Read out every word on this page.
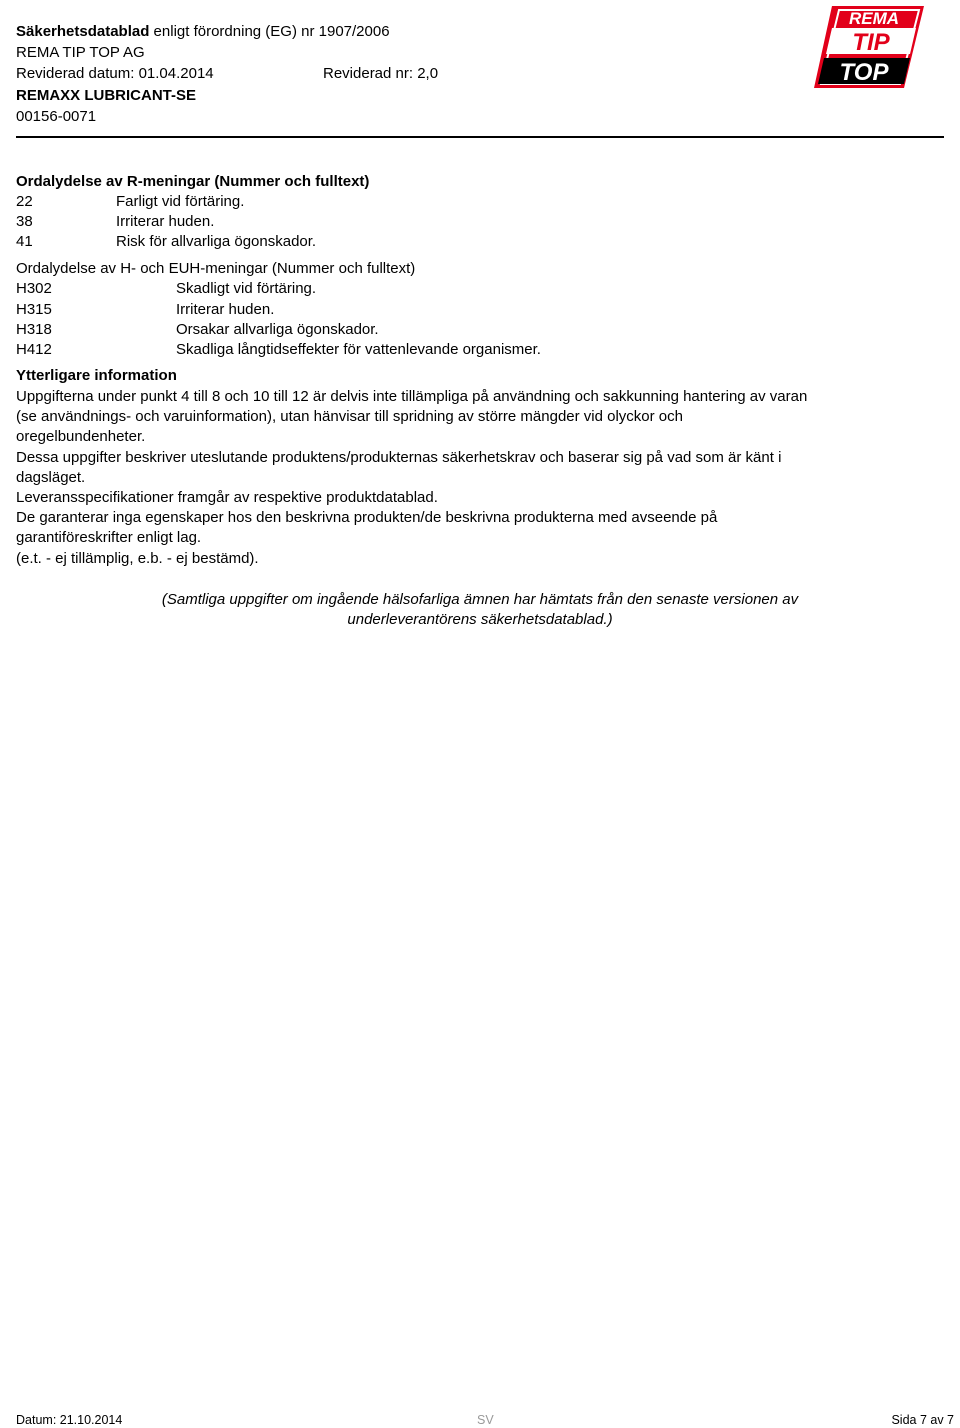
Säkerhetsdatablad enligt förordning (EG) nr 1907/2006
REMA TIP TOP AG
Reviderad datum: 01.04.2014	Reviderad nr: 2,0
REMAXX LUBRICANT-SE
00156-0071
REMA
TIP
TOP
Ordalydelse av R-meningar (Nummer och fulltext)
22	Farligt vid förtäring.
38	Irriterar huden.
41	Risk för allvarliga ögonskador.
Ordalydelse av H- och EUH-meningar (Nummer och fulltext)
H302	Skadligt vid förtäring.
H315	Irriterar huden.
H318	Orsakar allvarliga ögonskador.
H412	Skadliga långtidseffekter för vattenlevande organismer.
Ytterligare information
Uppgifterna under punkt 4 till 8 och 10 till 12 är delvis inte tillämpliga på användning och sakkunning hantering av varan (se användnings- och varuinformation), utan hänvisar till spridning av större mängder vid olyckor och oregelbundenheter.
Dessa uppgifter beskriver uteslutande produktens/produkternas säkerhetskrav och baserar sig på vad som är känt i dagsläget.
Leveransspecifikationer framgår av respektive produktdatablad.
De garanterar inga egenskaper hos den beskrivna produkten/de beskrivna produkterna med avseende på garantiföreskrifter enligt lag.
(e.t. - ej tillämplig, e.b. - ej bestämd).
(Samtliga uppgifter om ingående hälsofarliga ämnen har hämtats från den senaste versionen av underleverantörens säkerhetsdatablad.)
Datum: 21.10.2014	SV	Sida 7 av 7
